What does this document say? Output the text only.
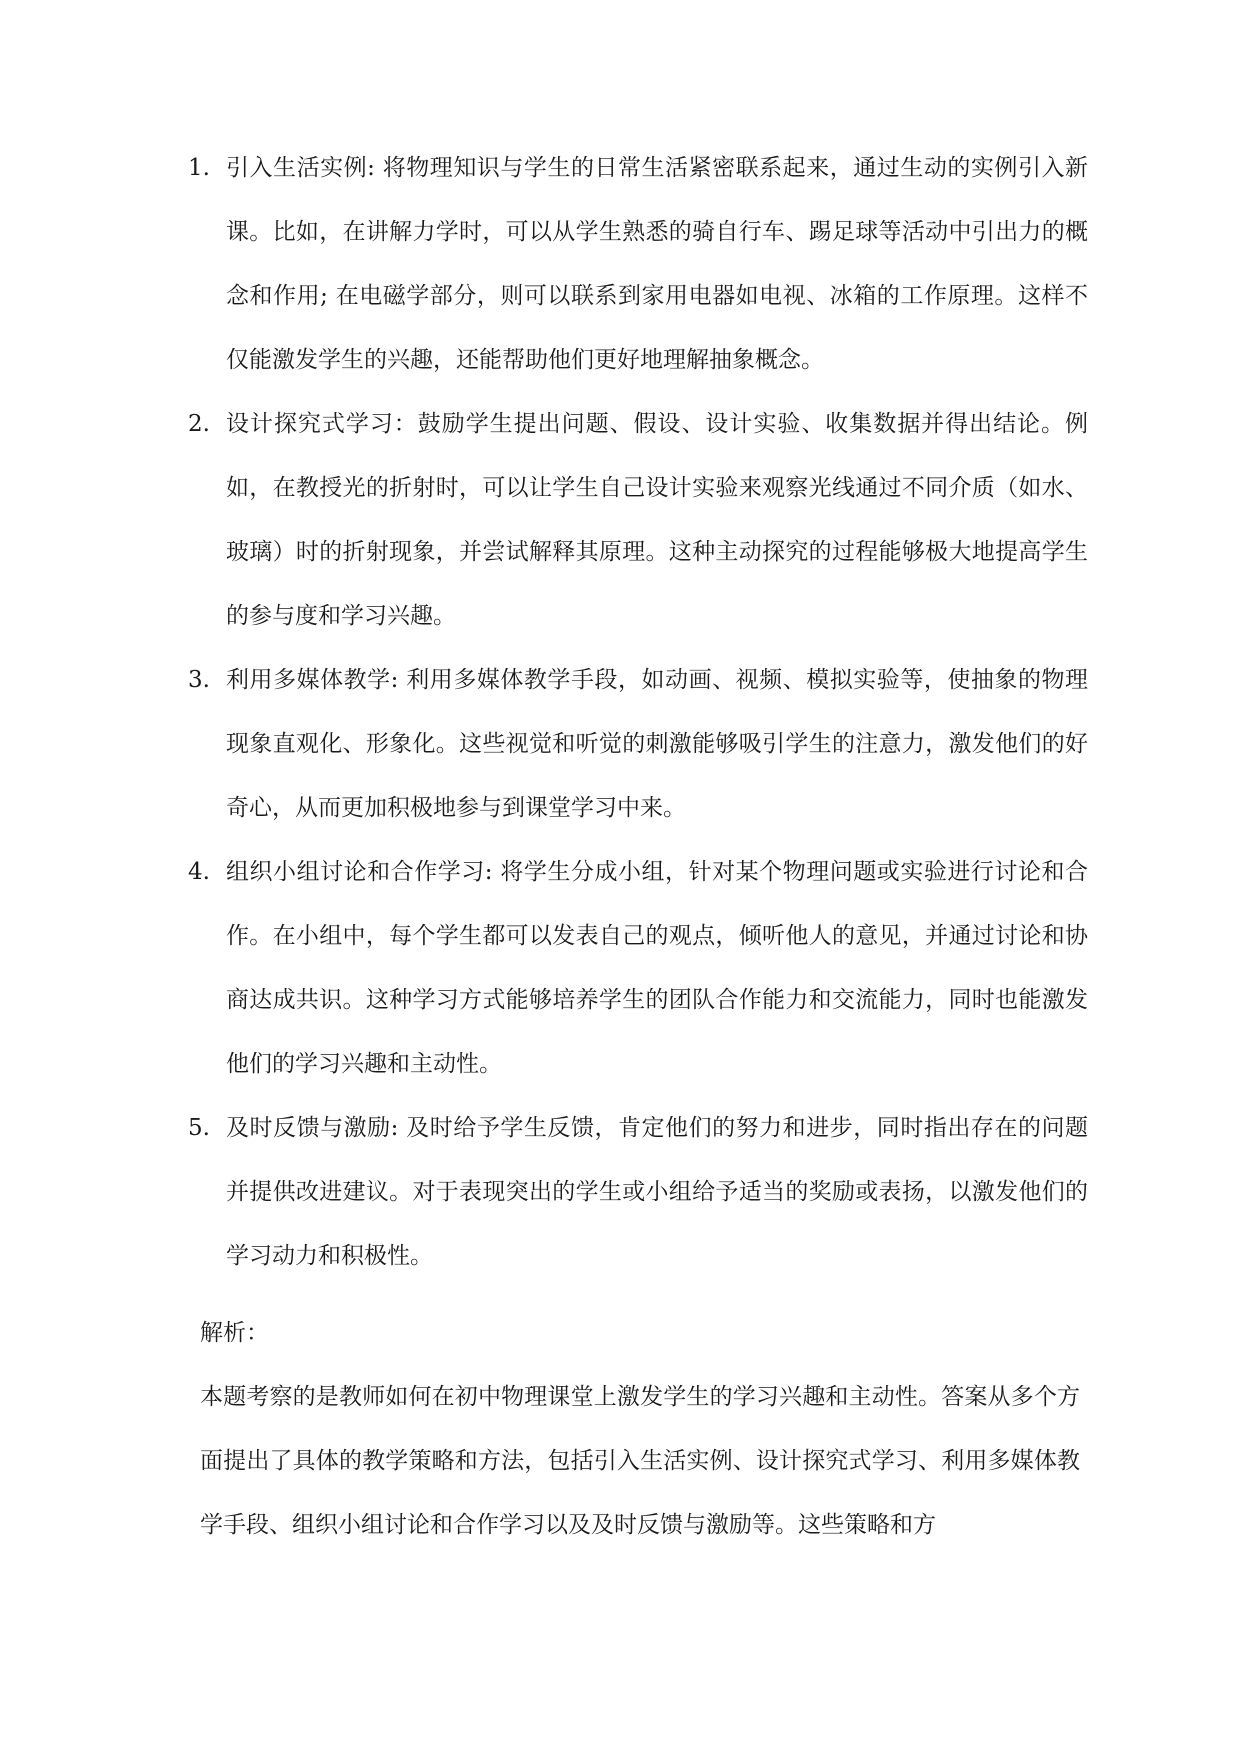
1. 引入生活实例: 将物理知识与学生的日常生活紧密联系起来，通过生动的实例引入新课。比如，在讲解力学时，可以从学生熟悉的骑自行车、踢足球等活动中引出力的概念和作用; 在电磁学部分，则可以联系到家用电器如电视、冰箱的工作原理。这样不仅能激发学生的兴趣，还能帮助他们更好地理解抽象概念。
2. 设计探究式学习：鼓励学生提出问题、假设、设计实验、收集数据并得出结论。例如，在教授光的折射时，可以让学生自己设计实验来观察光线通过不同介质（如水、玻璃）时的折射现象，并尝试解释其原理。这种主动探究的过程能够极大地提高学生的参与度和学习兴趣。
3. 利用多媒体教学: 利用多媒体教学手段，如动画、视频、模拟实验等，使抽象的物理现象直观化、形象化。这些视觉和听觉的刺激能够吸引学生的注意力，激发他们的好奇心，从而更加积极地参与到课堂学习中来。
4. 组织小组讨论和合作学习: 将学生分成小组，针对某个物理问题或实验进行讨论和合作。在小组中，每个学生都可以发表自己的观点，倾听他人的意见，并通过讨论和协商达成共识。这种学习方式能够培养学生的团队合作能力和交流能力，同时也能激发他们的学习兴趣和主动性。
5. 及时反馈与激励: 及时给予学生反馈，肯定他们的努力和进步，同时指出存在的问题并提供改进建议。对于表现突出的学生或小组给予适当的奖励或表扬，以激发他们的学习动力和积极性。

解析：

本题考察的是教师如何在初中物理课堂上激发学生的学习兴趣和主动性。答案从多个方面提出了具体的教学策略和方法，包括引入生活实例、设计探究式学习、利用多媒体教学手段、组织小组讨论和合作学习以及及时反馈与激励等。这些策略和方
